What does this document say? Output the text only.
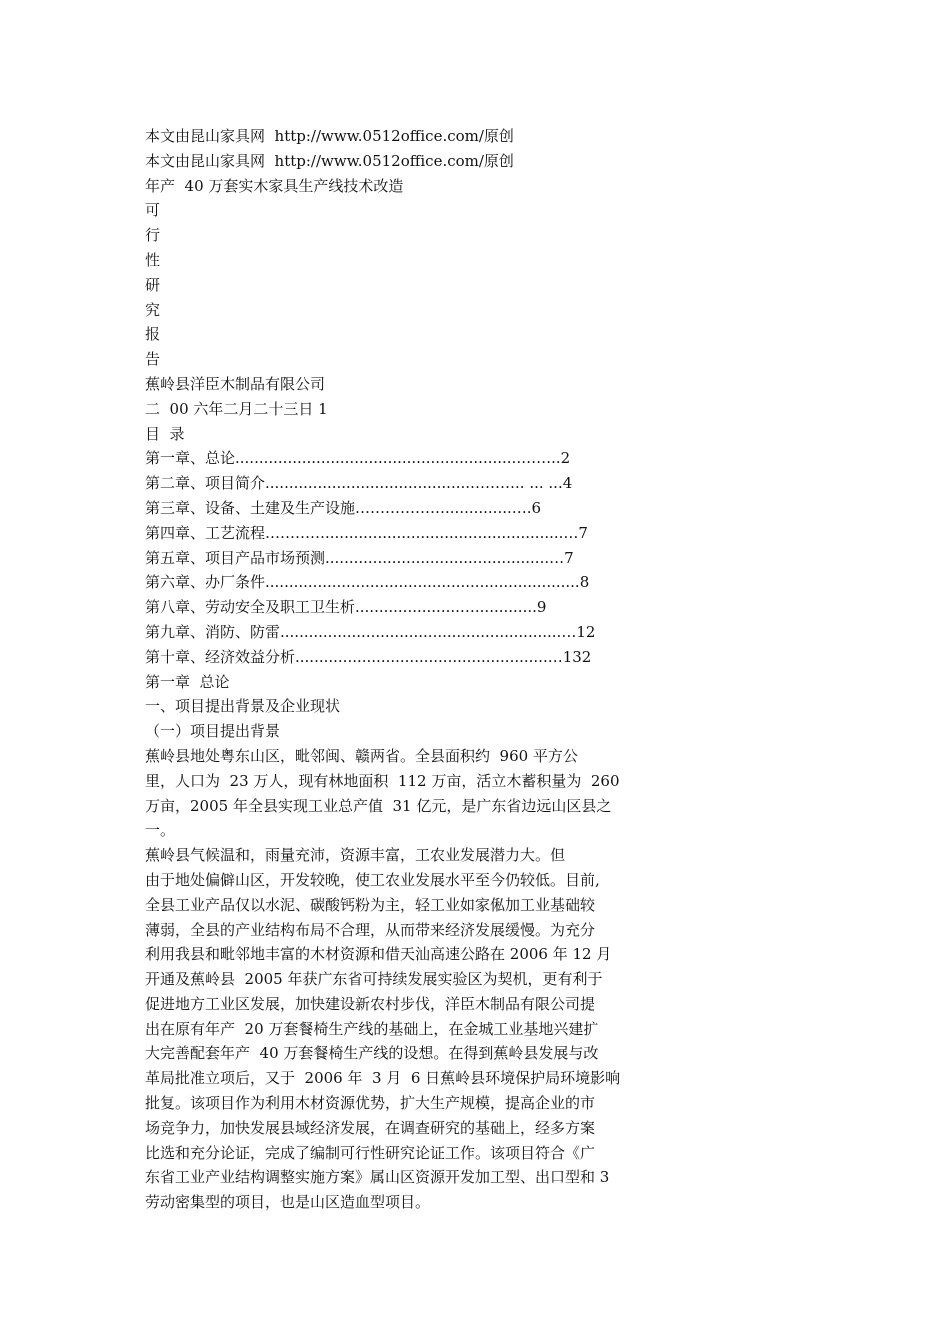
本文由昆山家具网  http://www.0512office.com/原创
本文由昆山家具网  http://www.0512office.com/原创
年产  40 万套实木家具生产线技术改造
可
行
性
研
究
报
告
蕉岭县洋臣木制品有限公司
二  00 六年二月二十三日 1
目  录
第一章、总论............................................................……..2
第二章、项目简介...........................................……….. ... ...4
第三章、设备、土建及生产设施………………..............….6
第四章、工艺流程…………..................................................…7
第五章、项目产品市场预测...............................................…7
第六章、办厂条件..................................................................8
第八章、劳动安全及职工卫生析......................….............9
第九章、消防、防雷...........................................................…12
第十章、经济效益分析.....................................................…132
第一章  总论
一、项目提出背景及企业现状
（一）项目提出背景
蕉岭县地处粤东山区，毗邻闽、赣两省。全县面积约  960 平方公
里，人口为  23 万人，现有林地面积  112 万亩，活立木蓄积量为  260
万亩，2005 年全县实现工业总产值  31 亿元，是广东省边远山区县之
一。
蕉岭县气候温和，雨量充沛，资源丰富，工农业发展潜力大。但
由于地处偏僻山区，开发较晚，使工农业发展水平至今仍较低。目前,
全县工业产品仅以水泥、碳酸钙粉为主，轻工业如家俬加工业基础较
薄弱，全县的产业结构布局不合理，从而带来经济发展缓慢。为充分
利用我县和毗邻地丰富的木材资源和借天汕高速公路在 2006 年 12 月
开通及蕉岭县  2005 年获广东省可持续发展实验区为契机，更有利于
促进地方工业区发展，加快建设新农村步伐，洋臣木制品有限公司提
出在原有年产  20 万套餐椅生产线的基础上，在金城工业基地兴建扩
大完善配套年产  40 万套餐椅生产线的设想。在得到蕉岭县发展与改
革局批准立项后，又于  2006 年  3 月  6 日蕉岭县环境保护局环境影响
批复。该项目作为利用木材资源优势，扩大生产规模，提高企业的市
场竞争力，加快发展县域经济发展，在调查研究的基础上，经多方案
比选和充分论证，完成了编制可行性研究论证工作。该项目符合《广
东省工业产业结构调整实施方案》属山区资源开发加工型、出口型和 3
劳动密集型的项目，也是山区造血型项目。
